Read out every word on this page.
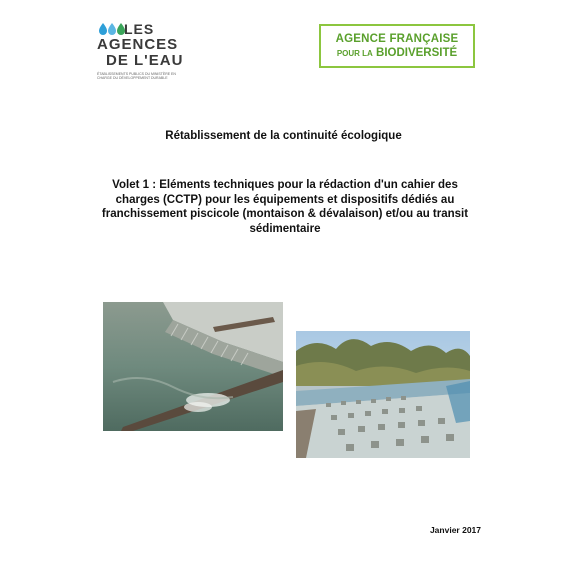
LES
AGENCES
DE L'EAU
ÉTABLISSEMENTS PUBLICS DU MINISTÈRE EN CHARGE DU DÉVELOPPEMENT DURABLE
AGENCE FRANÇAISE
POUR LA BIODIVERSITÉ
Rétablissement de la continuité écologique
Volet 1 : Eléments techniques pour la rédaction d'un cahier des charges (CCTP) pour les équipements et dispositifs dédiés au franchissement piscicole (montaison & dévalaison) et/ou au transit sédimentaire
Janvier 2017
